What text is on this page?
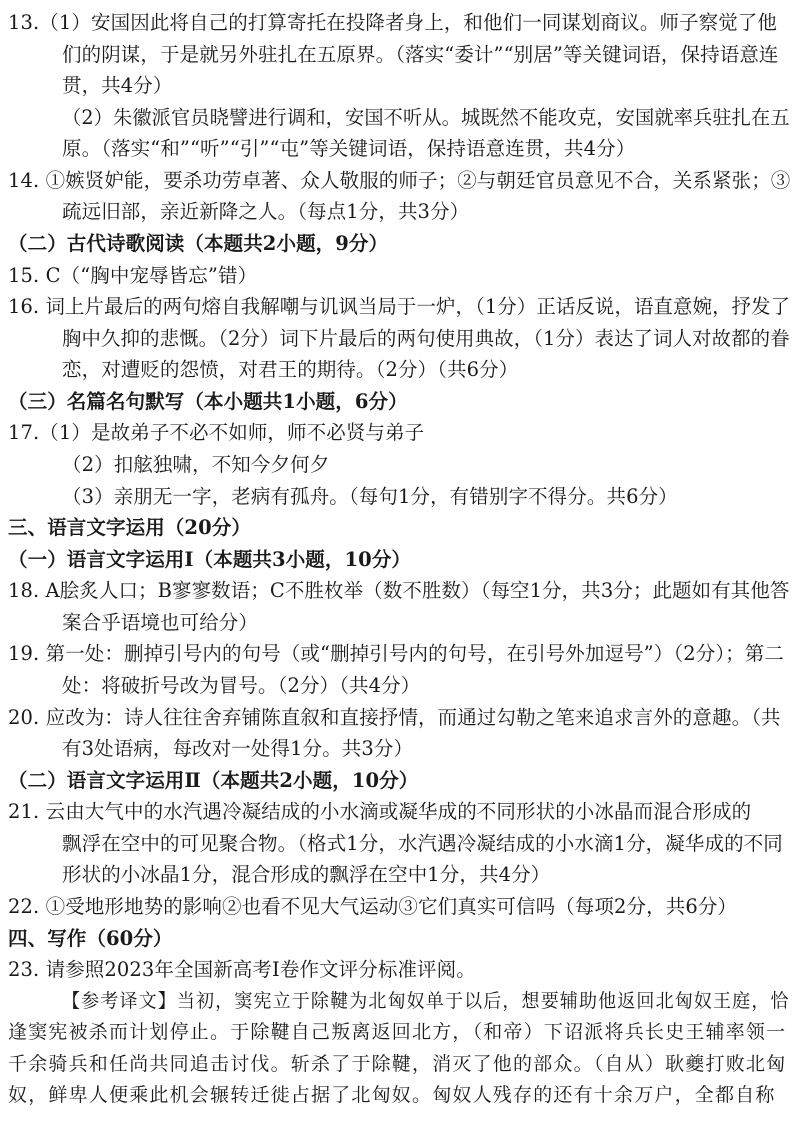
13.（1）安国因此将自己的打算寄托在投降者身上，和他们一同谋划商议。师子察觉了他
们的阴谋，于是就另外驻扎在五原界。（落实“委计”“别居”等关键词语，保持语意连
贯，共4分）
（2）朱徽派官员晓譬进行调和，安国不听从。城既然不能攻克，安国就率兵驻扎在五
原。（落实“和”“听”“引”“屯”等关键词语，保持语意连贯，共4分）
14. ①嫉贤妒能，要杀功劳卓著、众人敬服的师子；②与朝廷官员意见不合，关系紧张；③
疏远旧部，亲近新降之人。（每点1分，共3分）
（二）古代诗歌阅读（本题共2小题，9分）
15. C（“胸中宠辱皆忘”错）
16. 词上片最后的两句熔自我解嘲与讥讽当局于一炉，（1分）正话反说，语直意婉，抒发了
胸中久抑的悲慨。（2分）词下片最后的两句使用典故，（1分）表达了词人对故都的眷
恋，对遭贬的怨愤，对君王的期待。（2分）（共6分）
（三）名篇名句默写（本小题共1小题，6分）
17.（1）是故弟子不必不如师，师不必贤与弟子
（2）扣舷独啸，不知今夕何夕
（3）亲朋无一字，老病有孤舟。（每句1分，有错别字不得分。共6分）
三、语言文字运用（20分）
（一）语言文字运用Ⅰ（本题共3小题，10分）
18. A脍炙人口；B寥寥数语；C不胜枚举（数不胜数）（每空1分，共3分；此题如有其他答
案合乎语境也可给分）
19. 第一处：删掉引号内的句号（或“删掉引号内的句号，在引号外加逗号”）（2分）；第二
处：将破折号改为冒号。（2分）（共4分）
20. 应改为：诗人往往舍弃铺陈直叙和直接抒情，而通过勾勒之笔来追求言外的意趣。（共
有3处语病，每改对一处得1分。共3分）
（二）语言文字运用Ⅱ（本题共2小题，10分）
21. 云由大气中的水汽遇冷凝结成的小水滴或凝华成的不同形状的小冰晶而混合形成的
飘浮在空中的可见聚合物。（格式1分，水汽遇冷凝结成的小水滴1分，凝华成的不同
形状的小冰晶1分，混合形成的飘浮在空中1分，共4分）
22. ①受地形地势的影响②也看不见大气运动③它们真实可信吗（每项2分，共6分）
四、写作（60分）
23. 请参照2023年全国新高考Ⅰ卷作文评分标准评阅。
【参考译文】当初，窦宪立于除鞬为北匈奴单于以后，想要辅助他返回北匈奴王庭，恰
逢窦宪被杀而计划停止。于除鞬自己叛离返回北方，（和帝）下诏派将兵长史王辅率领一
千余骑兵和任尚共同追击讨伐。斩杀了于除鞬，消灭了他的部众。（自从）耿夔打败北匈
奴，鲜卑人便乘此机会辗转迁徙占据了北匈奴。匈奴人残存的还有十余万户，全都自称
